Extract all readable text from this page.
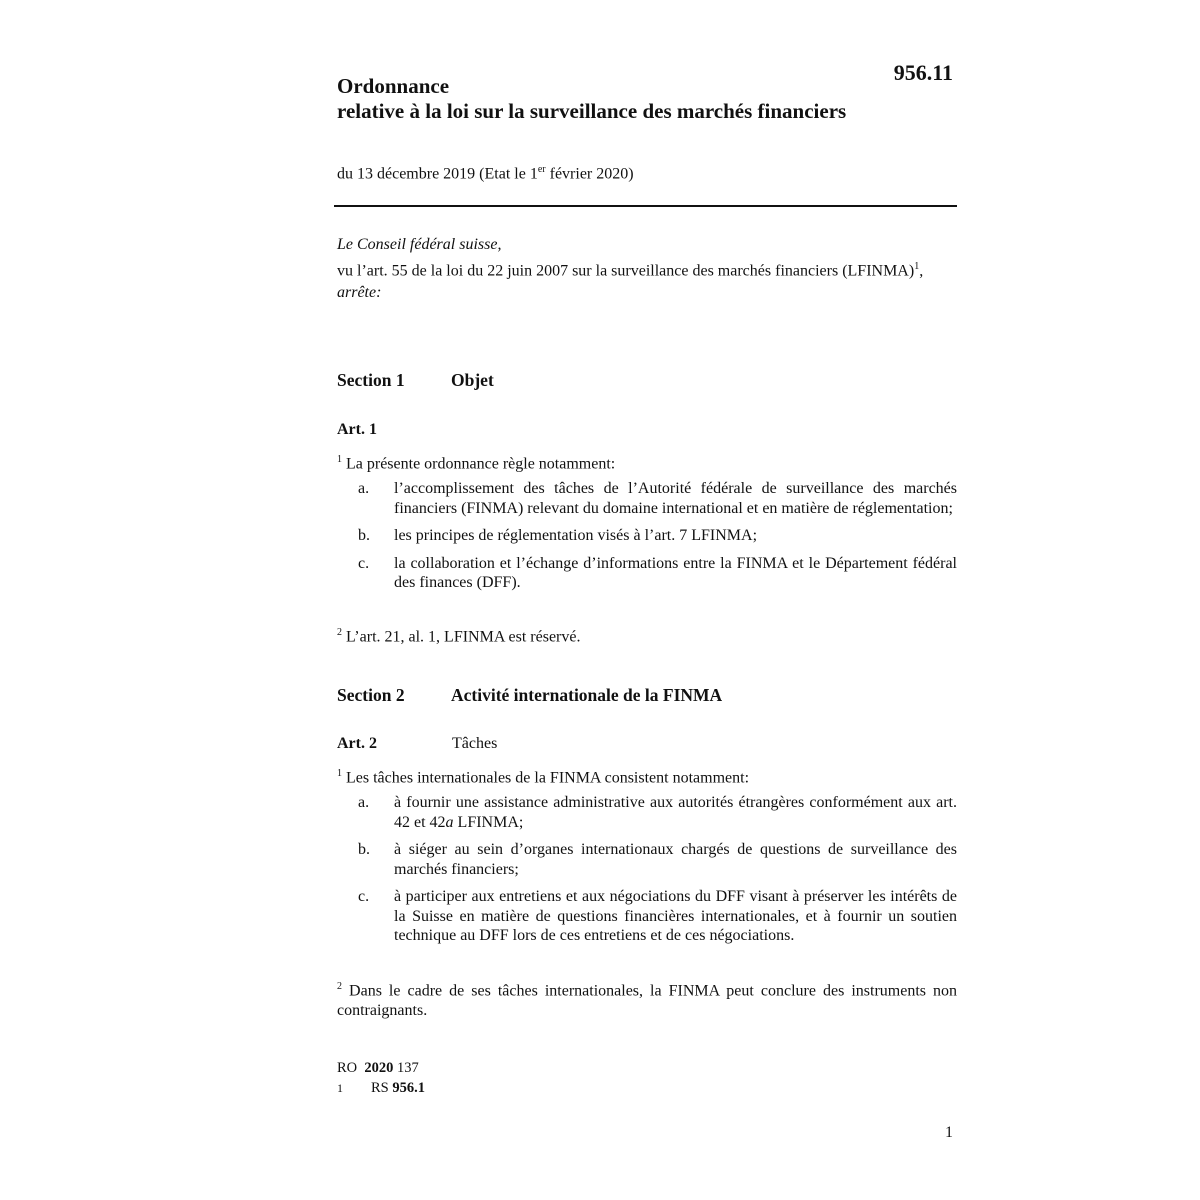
956.11
Ordonnance
relative à la loi sur la surveillance des marchés financiers
du 13 décembre 2019 (Etat le 1er février 2020)

Le Conseil fédéral suisse,

vu l’art. 55 de la loi du 22 juin 2007 sur la surveillance des marchés financiers (LFINMA)$^1$,

arrête:

Section 1	Objet
Art. 1
$^1$ La présente ordonnance règle notamment:
a.	l’accomplissement des tâches de l’Autorité fédérale de surveillance des marchés financiers (FINMA) relevant du domaine international et en matière de réglementation;
b.	les principes de réglementation visés à l’art. 7 LFINMA;
c.	la collaboration et l’échange d’informations entre la FINMA et le Département fédéral des finances (DFF).
$^2$ L’art. 21, al. 1, LFINMA est réservé.
Section 2	Activité internationale de la FINMA
Art. 2	Tâches
$^1$ Les tâches internationales de la FINMA consistent notamment:
a.	à fournir une assistance administrative aux autorités étrangères conformément aux art. 42 et 42a LFINMA;
b.	à siéger au sein d’organes internationaux chargés de questions de surveillance des marchés financiers;
c.	à participer aux entretiens et aux négociations du DFF visant à préserver les intérêts de la Suisse en matière de questions financières internationales, et à fournir un soutien technique au DFF lors de ces entretiens et de ces négociations.
$^2$ Dans le cadre de ses tâches internationales, la FINMA peut conclure des instruments non contraignants.
RO 2020 137
1 RS 956.1
1
